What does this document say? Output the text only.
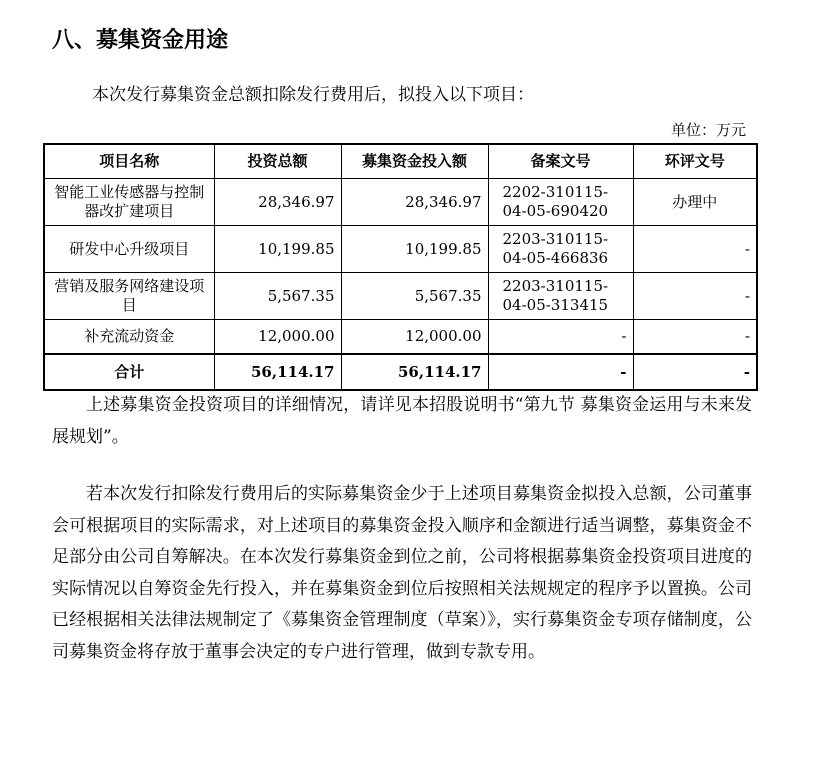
八、募集资金用途
本次发行募集资金总额扣除发行费用后，拟投入以下项目：
单位：万元
项目名称	投资总额	募集资金投入额	备案文号	环评文号
智能工业传感器与控制器改扩建项目	28,346.97	28,346.97	2202-310115-04-05-690420	办理中
研发中心升级项目	10,199.85	10,199.85	2203-310115-04-05-466836	-
营销及服务网络建设项目	5,567.35	5,567.35	2203-310115-04-05-313415	-
补充流动资金	12,000.00	12,000.00	-	-
合计	56,114.17	56,114.17	-	-

上述募集资金投资项目的详细情况，请详见本招股说明书“第九节 募集资金运用与未来发展规划”。

若本次发行扣除发行费用后的实际募集资金少于上述项目募集资金拟投入总额，公司董事会可根据项目的实际需求，对上述项目的募集资金投入顺序和金额进行适当调整，募集资金不足部分由公司自筹解决。在本次发行募集资金到位之前，公司将根据募集资金投资项目进度的实际情况以自筹资金先行投入，并在募集资金到位后按照相关法规规定的程序予以置换。公司已经根据相关法律法规制定了《募集资金管理制度（草案）》，实行募集资金专项存储制度，公司募集资金将存放于董事会决定的专户进行管理，做到专款专用。
